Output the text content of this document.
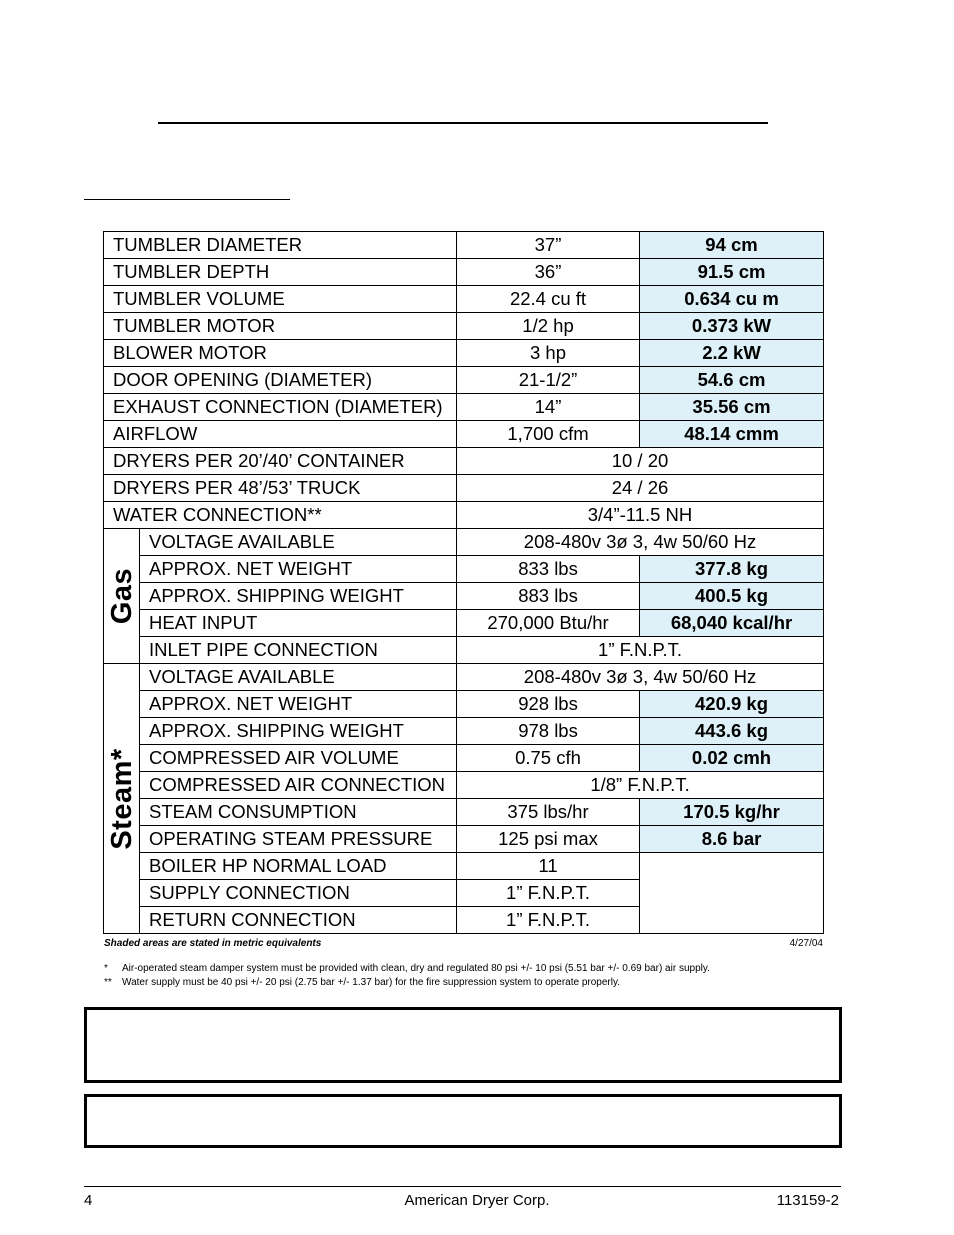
TUMBLER DIAMETER		37”	94 cm
TUMBLER DEPTH		36”	91.5 cm
TUMBLER VOLUME		22.4 cu ft	0.634 cu m
TUMBLER MOTOR		1/2 hp	0.373 kW
BLOWER MOTOR		3 hp	2.2 kW
DOOR OPENING (DIAMETER)		21-1/2”	54.6 cm
EXHAUST CONNECTION (DIAMETER)		14”	35.56 cm
AIRFLOW		1,700 cfm	48.14 cmm
DRYERS PER 20’/40’ CONTAINER		10 / 20	
DRYERS PER 48’/53’ TRUCK		24 / 26	
WATER CONNECTION**		3/4”-11.5 NH	

Gas	VOLTAGE AVAILABLE	208-480v 3ø 3, 4w 50/60 Hz	
	APPROX. NET WEIGHT	833 lbs	377.8 kg
	APPROX. SHIPPING WEIGHT	883 lbs	400.5 kg
	HEAT INPUT	270,000 Btu/hr	68,040 kcal/hr
	INLET PIPE CONNECTION	1” F.N.P.T.	

Steam*	VOLTAGE AVAILABLE	208-480v 3ø 3, 4w 50/60 Hz	
	APPROX. NET WEIGHT	928 lbs	420.9 kg
	APPROX. SHIPPING WEIGHT	978 lbs	443.6 kg
	COMPRESSED AIR VOLUME	0.75 cfh	0.02 cmh
	COMPRESSED AIR CONNECTION	1/8” F.N.P.T.	
	STEAM CONSUMPTION	375 lbs/hr	170.5 kg/hr
	OPERATING STEAM PRESSURE	125 psi max	8.6 bar
	BOILER HP NORMAL LOAD	11	
	SUPPLY CONNECTION	1” F.N.P.T.	
	RETURN CONNECTION	1” F.N.P.T.	
Shaded areas are stated in metric equivalents	4/27/04
* Air-operated steam damper system must be provided with clean, dry and regulated 80 psi +/- 10 psi (5.51 bar +/- 0.69 bar) air supply.
** Water supply must be 40 psi +/- 20 psi (2.75 bar +/- 1.37 bar) for the fire suppression system to operate properly.
4	American Dryer Corp.	113159-2
